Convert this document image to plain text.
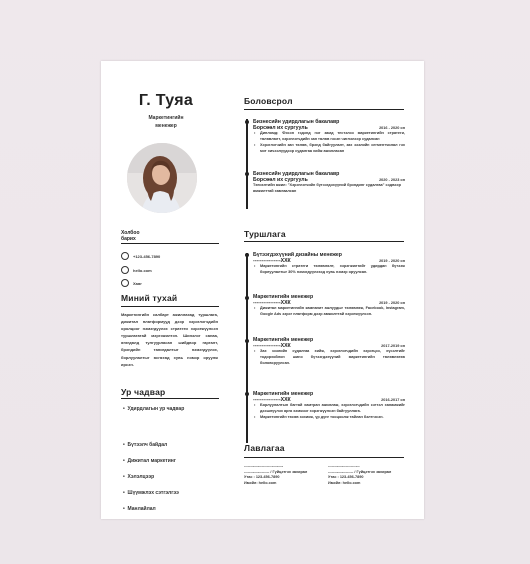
Г. Туяа
Маркетингийн
менежер
Холбоо
барих
+123-456-7890
hello.com
Хаяг
Миний тухай
Маркетингийн салбарт ажиллахад туршлага, дижитал платформууд дээр хэрэглэгчдийн оролцоог нэмэгдүүлэх стратеги хэрэгжүүлсэн туршлагатай мэргэжилтэн. Шинэлэг санаа, өгөгдөлд тулгуурласан шийдвэр гаргалт, брэндийн танигдалтыг нэмэгдүүлэх, борлуулалтыг өсгөхөд хувь нэмэр оруулж ирсэн.
Ур чадвар
• Удирдлагын ур чадвар
• Бүтээлч байдал
• Дижитал маркетинг
• Хэлэлцээр
• Шүүмжлэх сэтгэлгээ
• Манлайлал
Боловсрол
Бизнесийн удирдлагын бакалавр
Борсөөл их сургууль	2016 - 2020 он
• Дипломд: Фэсэн гэдэнд нэг замд тестэлээ маркетингийн стратеги, төлөвлөлт, хэрэглэгчдийн зан төлөв гэсэн чиглэлээр судалсан
• Хэрэглэгчийн зан төлөв, брэнд байгуулалт, зах зээлийн сегментчилал гэх мэт хичээлүүдээр судалгаа хийж ажилласан
Бизнесийн удирдлагын бакалавр
Борсөөл их сургууль	2020 - 2023 он
Төгсөлтийн ажил: "Хэрэглэгчийн бүтээгдэхүүний брэндинг судалгаа" сэдвээр амжилттай хамгаалсан
Туршлага
Бүтээгдэхүүний дизайны менежер
----------------ХХК	2019 - 2020 он
• Маркетингийн стратеги төлөвлөлт, хэрэгжилтийг удирдан бүтээж борлуулалтыг 30% нэмэгдүүлэхэд хувь нэмэр оруулсан.
Маркетингийн менежер
----------------ХХК	2019 - 2020 он
• Дижитал маркетингийн кампанит ажлуудыг төлөвлөж, Facebook, Instagram, Google Ads зэрэг платформ дээр амжилттай хэрэгжүүлсэн.
Маркетингийн менежер
----------------ХХК	2017-2019 он
• Зах зээлийн судалгаа хийж, хэрэглэгчдийн хэрэгцээ, хүсэлтийг тодорхойлон шинэ бүтээгдэхүүний маркетингийн төлөвлөгөө боловсруулсан.
Маркетингийн менежер
----------------ХХК	2016-2017 он
• Борлуулалтын багтай хамтран ажиллаж, хэрэглэгчдийн сэтгэл ханамжийг дээшлүүлэх арга хэмжээг хэрэгжүүлсэн байгууллага.
• Маркетингийн төсөв зохиож, үр дүнг тооцоолж тайлан бэлтгэсэн.
Лавлагаа
-------------------------------
-------------------- / Гүйцэтгэх захирал
Утас : 123-456-7890
Имэйл: hello.com
-------------------------
-------------------- / Гүйцэтгэх захирал
Утас : 123-456-7890
Имэйл: hello.com
